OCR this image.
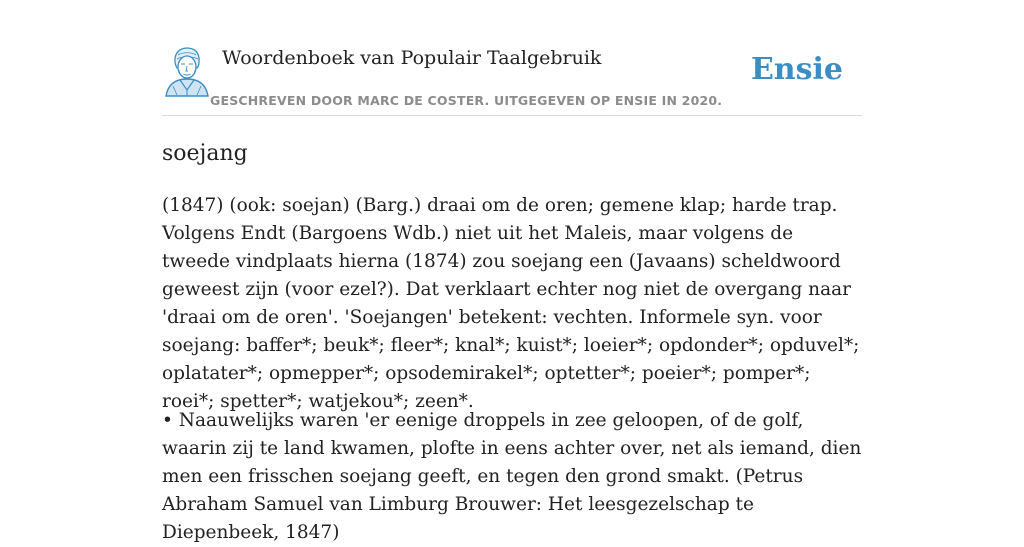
Woordenboek van Populair Taalgebruik
GESCHREVEN DOOR MARC DE COSTER. UITGEGEVEN OP ENSIE IN 2020.
Ensie
soejang

(1847) (ook: soejan) (Barg.) draai om de oren; gemene klap; harde trap. Volgens Endt (Bargoens Wdb.) niet uit het Maleis, maar volgens de tweede vindplaats hierna (1874) zou soejang een (Javaans) scheldwoord geweest zijn (voor ezel?). Dat verklaart echter nog niet de overgang naar 'draai om de oren'. 'Soejangen' betekent: vechten. Informele syn. voor soejang: baffer*; beuk*; fleer*; knal*; kuist*; loeier*; opdonder*; opduvel*; oplatater*; opmepper*; opsodemirakel*; optetter*; poeier*; pomper*; roei*; spetter*; watjekou*; zeen*.

• Naauwelijks waren 'er eenige droppels in zee geloopen, of de golf, waarin zij te land kwamen, plofte in eens achter over, net als iemand, dien men een frisschen soejang geeft, en tegen den grond smakt. (Petrus Abraham Samuel van Limburg Brouwer: Het leesgezelschap te Diepenbeek, 1847)
